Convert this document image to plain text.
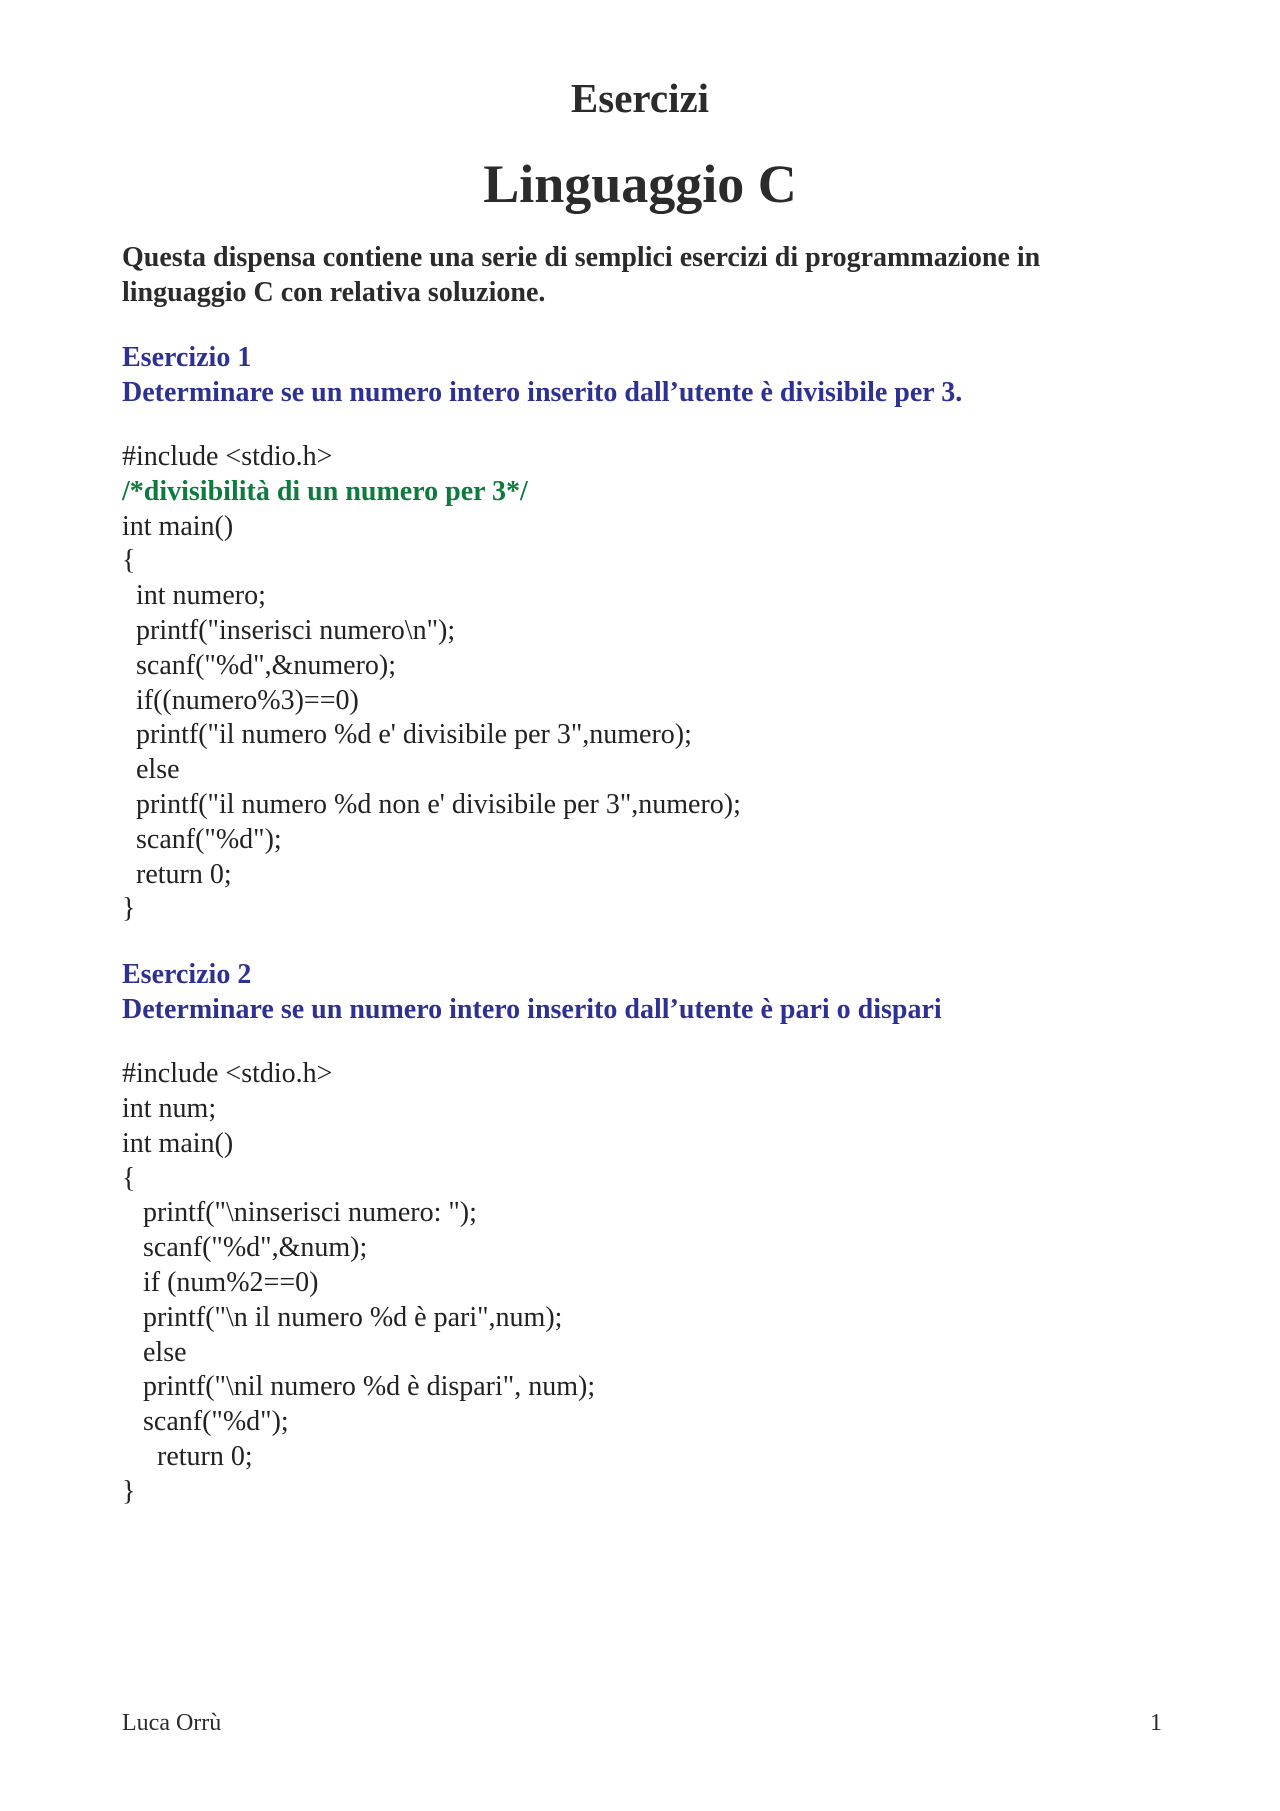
Esercizi
Linguaggio C

Questa dispensa contiene una serie di semplici esercizi di programmazione in linguaggio C con relativa soluzione.

Esercizio 1

Determinare se un numero intero inserito dall’utente è divisibile per 3.

#include <stdio.h>
/*divisibilità di un numero per 3*/
int main()
{
int numero;
printf("inserisci numero\n");
scanf("%d",&numero);
if((numero%3)==0)
printf("il numero %d e' divisibile per 3",numero);
else
printf("il numero %d non e' divisibile per 3",numero);
scanf("%d");
return 0;
}

Esercizio 2

Determinare se un numero intero inserito dall’utente è pari o dispari

#include <stdio.h>
int num;
int main()
{
printf("\ninserisci numero: ");
scanf("%d",&num);
if (num%2==0)
printf("\n il numero %d è pari",num);
else
printf("\nil numero %d è dispari", num);
scanf("%d");
return 0;
}
Luca Orrù	1
